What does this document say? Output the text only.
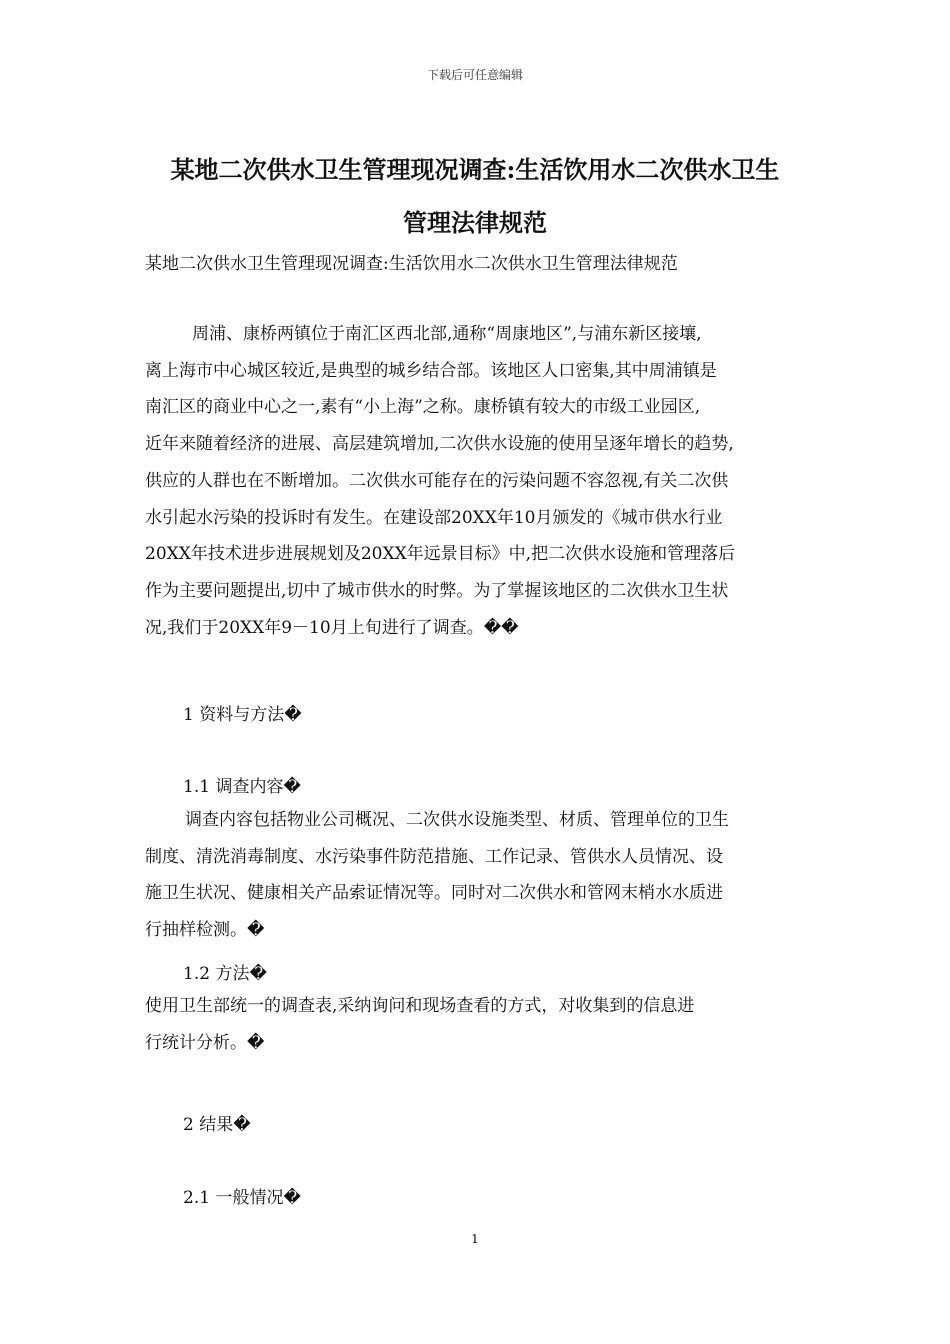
下载后可任意编辑
某地二次供水卫生管理现况调查:生活饮用水二次供水卫生
管理法律规范
某地二次供水卫生管理现况调查:生活饮用水二次供水卫生管理法律规范
周浦、康桥两镇位于南汇区西北部,通称“周康地区”,与浦东新区接壤,
离上海市中心城区较近,是典型的城乡结合部。该地区人口密集,其中周浦镇是
南汇区的商业中心之一,素有“小上海”之称。康桥镇有较大的市级工业园区,
近年来随着经济的进展、高层建筑增加,二次供水设施的使用呈逐年增长的趋势,
供应的人群也在不断增加。二次供水可能存在的污染问题不容忽视,有关二次供
水引起水污染的投诉时有发生。在建设部20XX年10月颁发的《城市供水行业
20XX年技术进步进展规划及20XX年远景目标》中,把二次供水设施和管理落后
作为主要问题提出,切中了城市供水的时弊。为了掌握该地区的二次供水卫生状
况,我们于20XX年9－10月上旬进行了调查。��
1 资料与方法�
1.1 调查内容�
调查内容包括物业公司概况、二次供水设施类型、材质、管理单位的卫生
制度、清洗消毒制度、水污染事件防范措施、工作记录、管供水人员情况、设
施卫生状况、健康相关产品索证情况等。同时对二次供水和管网末梢水水质进
行抽样检测。�
1.2 方法�
使用卫生部统一的调查表,采纳询问和现场查看的方式，对收集到的信息进
行统计分析。�
2 结果�
2.1 一般情况�
1
